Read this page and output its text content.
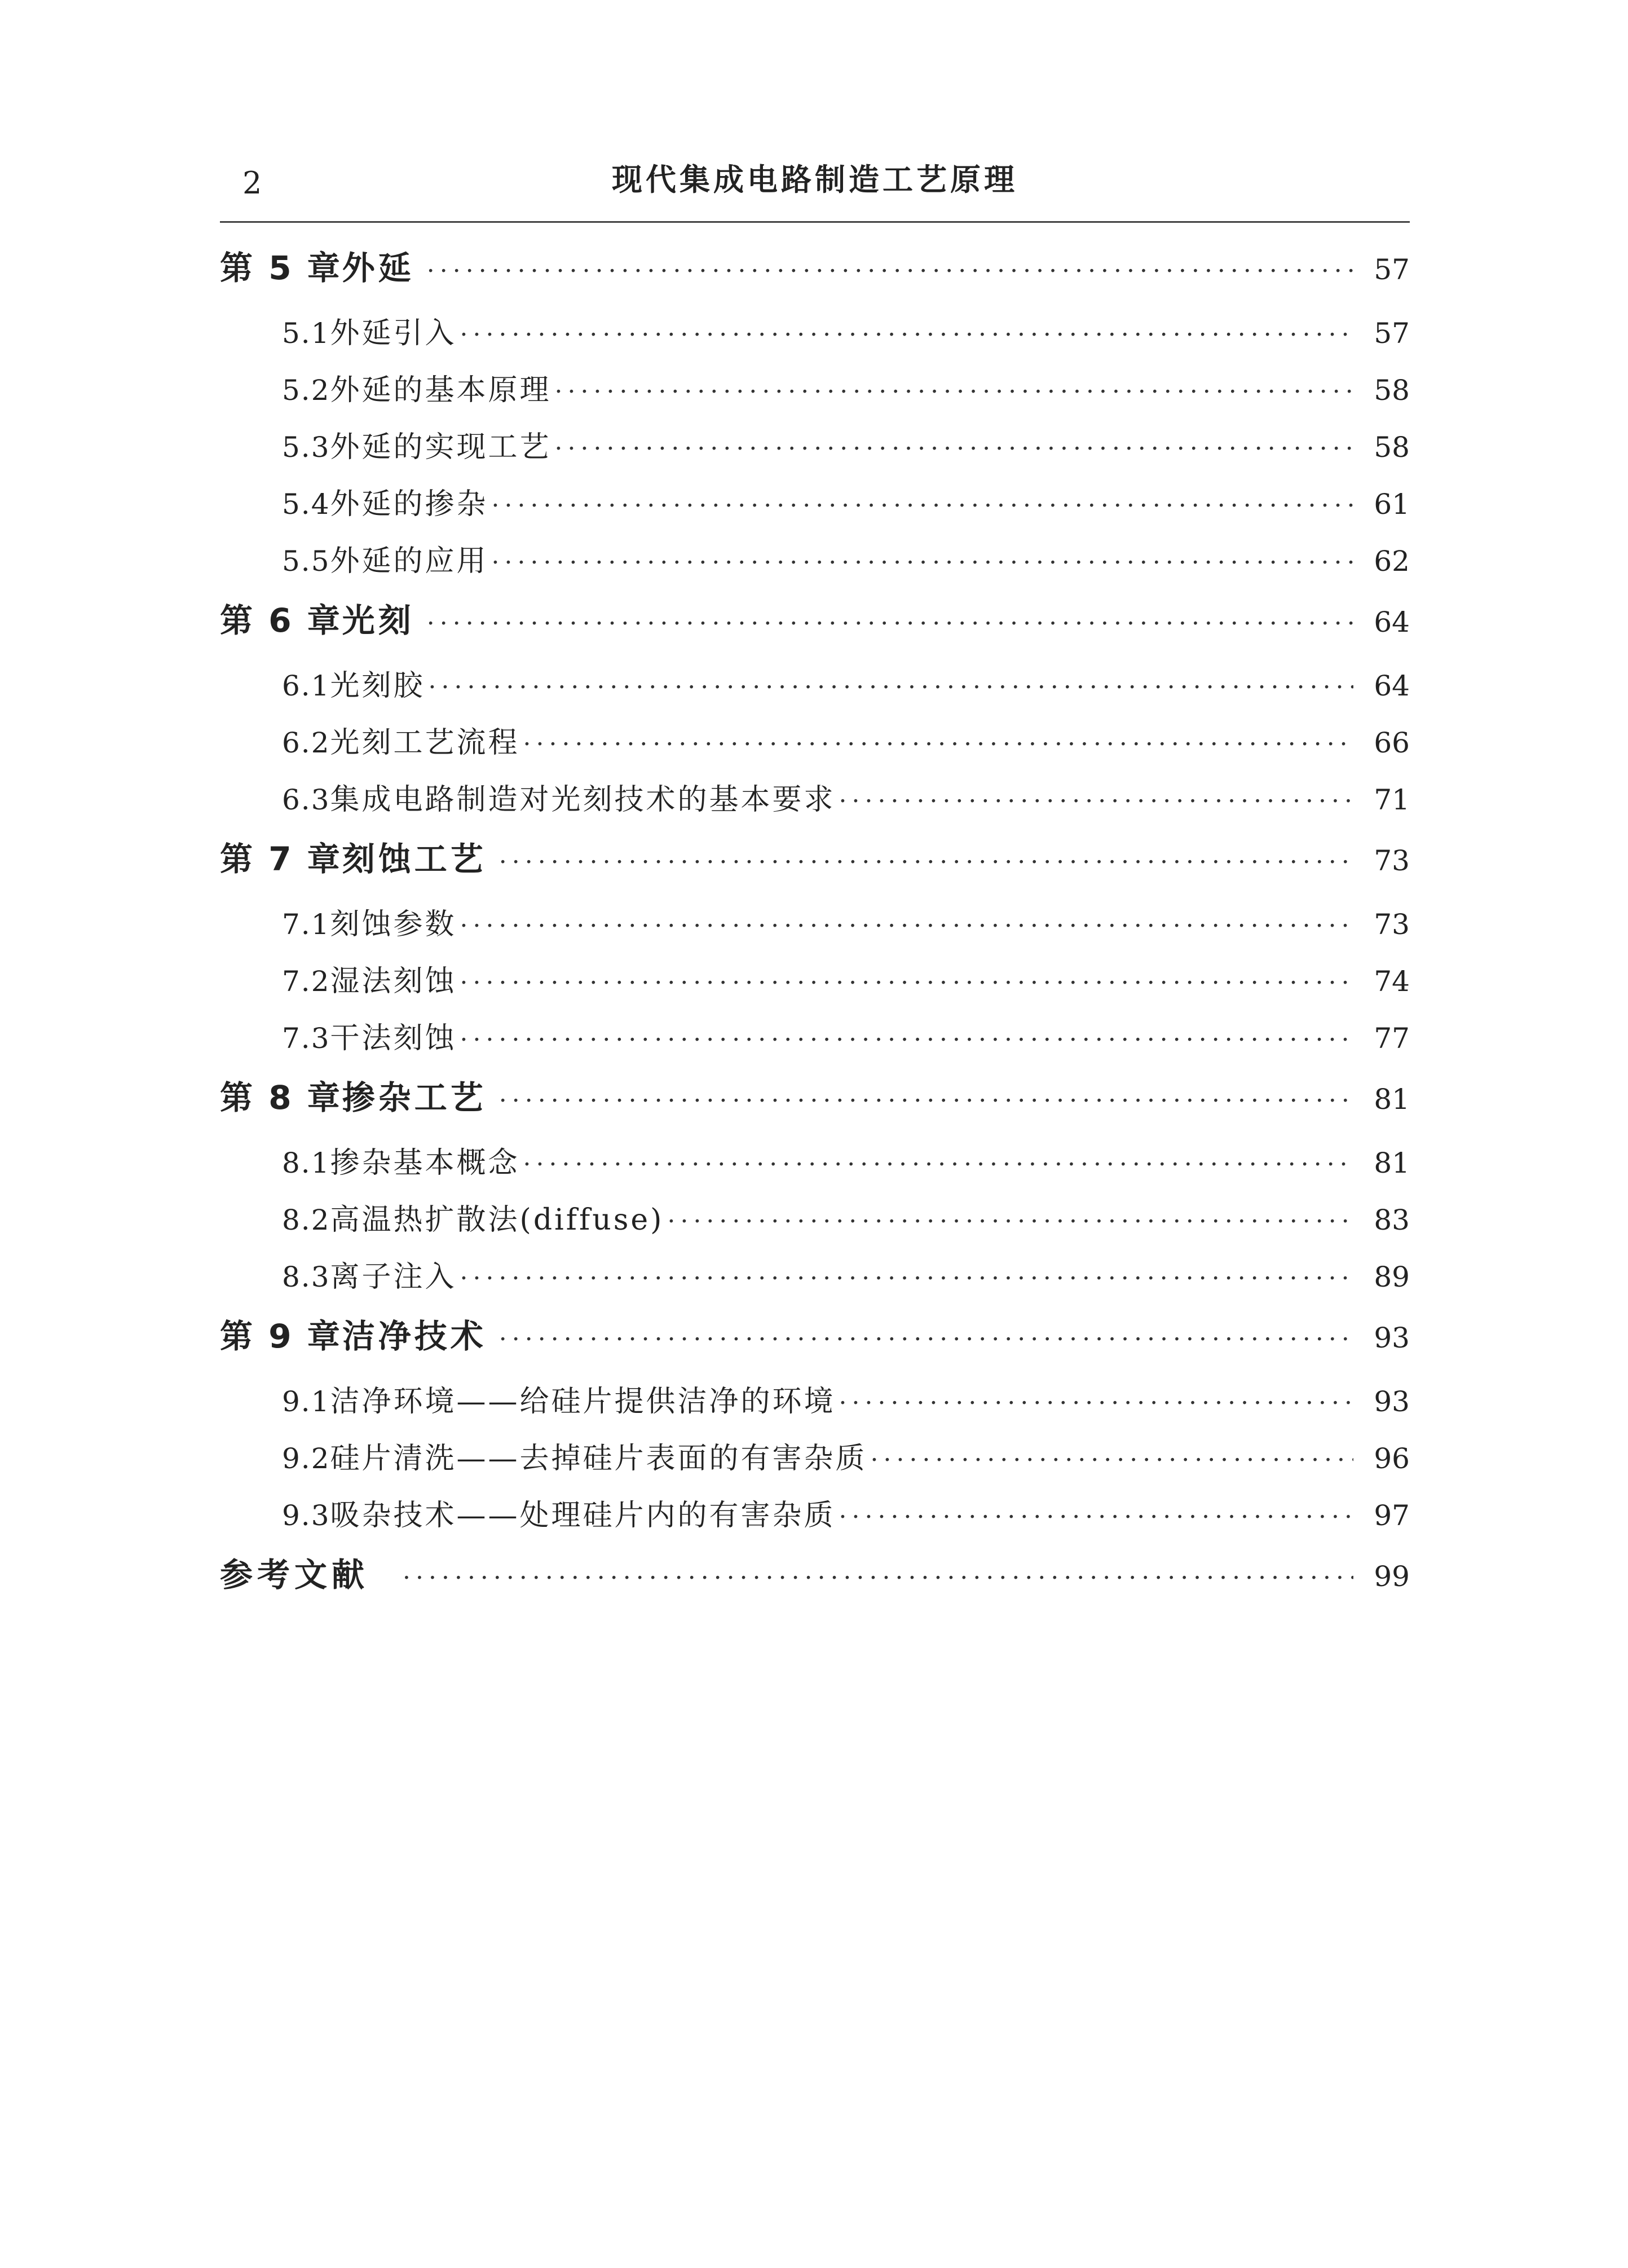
2	现代集成电路制造工艺原理
第 5 章 外延 ·····	57
5.1 外延引入 ·····	57
5.2 外延的基本原理 ·····	58
5.3 外延的实现工艺 ·····	58
5.4 外延的掺杂 ·····	61
5.5 外延的应用 ·····	62
第 6 章 光刻 ·····	64
6.1 光刻胶 ·····	64
6.2 光刻工艺流程 ·····	66
6.3 集成电路制造对光刻技术的基本要求 ·····	71
第 7 章 刻蚀工艺 ·····	73
7.1 刻蚀参数 ·····	73
7.2 湿法刻蚀 ·····	74
7.3 干法刻蚀 ·····	77
第 8 章 掺杂工艺 ·····	81
8.1 掺杂基本概念 ·····	81
8.2 高温热扩散法(diffuse) ·····	83
8.3 离子注入 ·····	89
第 9 章 洁净技术 ·····	93
9.1 洁净环境——给硅片提供洁净的环境 ·····	93
9.2 硅片清洗——去掉硅片表面的有害杂质 ·····	96
9.3 吸杂技术——处理硅片内的有害杂质 ·····	97
参考文献 ·····	99
